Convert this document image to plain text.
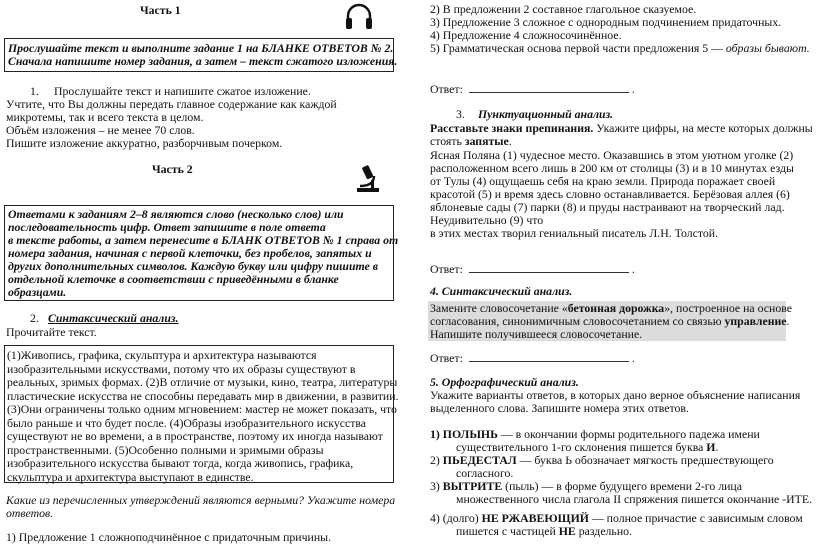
Часть 1
Прослушайте текст и выполните задание 1 на БЛАНКЕ ОТВЕТОВ № 2.
Сначала напишите номер задания, а затем – текст сжатого изложения.
1. Прослушайте текст и напишите сжатое изложение.
Учтите, что Вы должны передать главное содержание как каждой
микротемы, так и всего текста в целом.
Объём изложения – не менее 70 слов.
Пишите изложение аккуратно, разборчивым почерком.
Часть 2
Ответами к заданиям 2–8 являются слово (несколько слов) или
последовательность цифр. Ответ запишите в поле ответа
в тексте работы, а затем перенесите в БЛАНК ОТВЕТОВ № 1 справа от
номера задания, начиная с первой клеточки, без пробелов, запятых и
других дополнительных символов. Каждую букву или цифру пишите в
отдельной клеточке в соответствии с приведёнными в бланке
образцами.
2. Синтаксический анализ.
Прочитайте текст.
(1)Живопись, графика, скульптура и архитектура называются
изобразительными искусствами, потому что их образы существуют в
реальных, зримых формах. (2)В отличие от музыки, кино, театра, литературы
пластические искусства не способны передавать мир в движении, в развитии.
(3)Они ограничены только одним мгновением: мастер не может показать, что
было раньше и что будет после. (4)Образы изобразительного искусства
существуют не во времени, а в пространстве, поэтому их иногда называют
пространственными. (5)Особенно полными и зримыми образы
изобразительного искусства бывают тогда, когда живопись, графика,
скульптура и архитектура выступают в единстве.
Какие из перечисленных утверждений являются верными? Укажите номера
ответов.
1) Предложение 1 сложноподчинённое с придаточным причины.
2) В предложении 2 составное глагольное сказуемое.
3) Предложение 3 сложное с однородным подчинением придаточных.
4) Предложение 4 сложносочинённое.
5) Грамматическая основа первой части предложения 5 — образы бывают.
Ответ:	.
3. Пунктуационный анализ.
Расставьте знаки препинания. Укажите цифры, на месте которых должны
стоять запятые.
Ясная Поляна (1) чудесное место. Оказавшись в этом уютном уголке (2)
расположенном всего лишь в 200 км от столицы (3) и в 10 минутах езды
от Тулы (4) ощущаешь себя на краю земли. Природа поражает своей
красотой (5) и время здесь словно останавливается. Берёзовая аллея (6)
яблоневые сады (7) парки (8) и пруды настраивают на творческий лад.
Неудивительно (9) что
в этих местах творил гениальный писатель Л.Н. Толстой.
Ответ:	.
4. Синтаксический анализ.
Замените словосочетание «бетонная дорожка», построенное на основе
согласования, синонимичным словосочетанием со связью управление.
Напишите получившееся словосочетание.
Ответ:	.
5. Орфографический анализ.
Укажите варианты ответов, в которых дано верное объяснение написания
выделенного слова. Запишите номера этих ответов.
1) ПОЛЫНЬ — в окончании формы родительного падежа имени
существительного 1-го склонения пишется буква И.
2) ПЬЕДЕСТАЛ — буква Ь обозначает мягкость предшествующего
согласного.
3) ВЫТРИТЕ (пыль) — в форме будущего времени 2-го лица
множественного числа глагола II спряжения пишется окончание -ИТЕ.
4) (долго) НЕ РЖАВЕЮЩИЙ — полное причастие с зависимым словом
пишется с частицей НЕ раздельно.
